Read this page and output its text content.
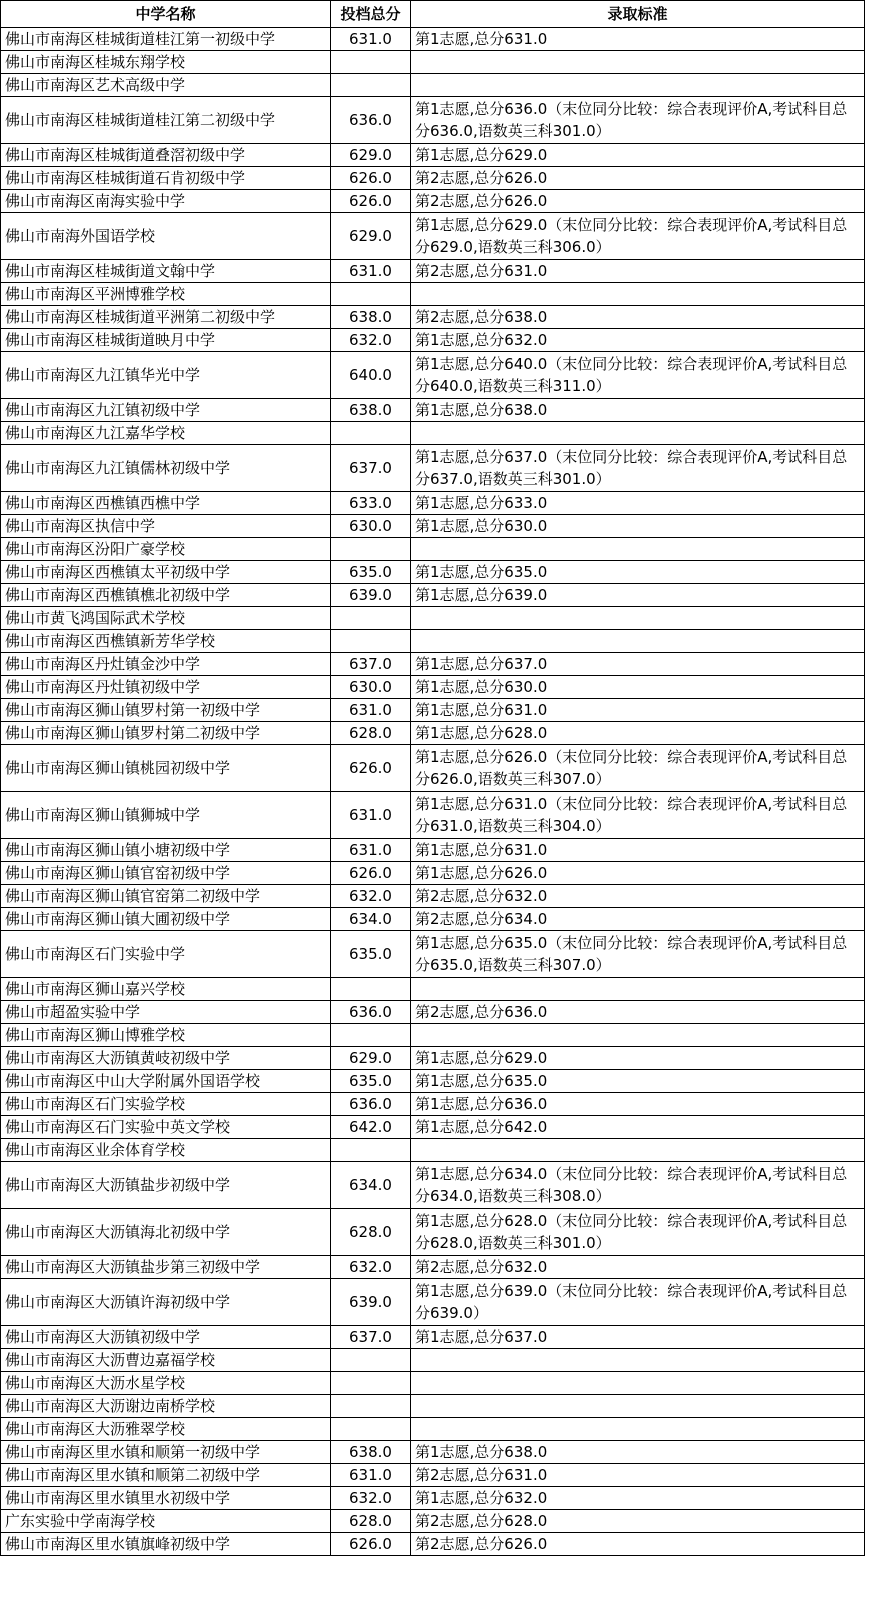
中学名称	投档总分	录取标准
佛山市南海区桂城街道桂江第一初级中学	631.0	第1志愿,总分631.0
佛山市南海区桂城东翔学校		
佛山市南海区艺术高级中学		
佛山市南海区桂城街道桂江第二初级中学	636.0	第1志愿,总分636.0（末位同分比较：综合表现评价A,考试科目总分636.0,语数英三科301.0）
佛山市南海区桂城街道叠滘初级中学	629.0	第1志愿,总分629.0
佛山市南海区桂城街道石肯初级中学	626.0	第2志愿,总分626.0
佛山市南海区南海实验中学	626.0	第2志愿,总分626.0
佛山市南海外国语学校	629.0	第1志愿,总分629.0（末位同分比较：综合表现评价A,考试科目总分629.0,语数英三科306.0）
佛山市南海区桂城街道文翰中学	631.0	第2志愿,总分631.0
佛山市南海区平洲博雅学校		
佛山市南海区桂城街道平洲第二初级中学	638.0	第2志愿,总分638.0
佛山市南海区桂城街道映月中学	632.0	第1志愿,总分632.0
佛山市南海区九江镇华光中学	640.0	第1志愿,总分640.0（末位同分比较：综合表现评价A,考试科目总分640.0,语数英三科311.0）
佛山市南海区九江镇初级中学	638.0	第1志愿,总分638.0
佛山市南海区九江嘉华学校		
佛山市南海区九江镇儒林初级中学	637.0	第1志愿,总分637.0（末位同分比较：综合表现评价A,考试科目总分637.0,语数英三科301.0）
佛山市南海区西樵镇西樵中学	633.0	第1志愿,总分633.0
佛山市南海区执信中学	630.0	第1志愿,总分630.0
佛山市南海区汾阳广豪学校		
佛山市南海区西樵镇太平初级中学	635.0	第1志愿,总分635.0
佛山市南海区西樵镇樵北初级中学	639.0	第1志愿,总分639.0
佛山市黄飞鸿国际武术学校		
佛山市南海区西樵镇新芳华学校		
佛山市南海区丹灶镇金沙中学	637.0	第1志愿,总分637.0
佛山市南海区丹灶镇初级中学	630.0	第1志愿,总分630.0
佛山市南海区狮山镇罗村第一初级中学	631.0	第1志愿,总分631.0
佛山市南海区狮山镇罗村第二初级中学	628.0	第1志愿,总分628.0
佛山市南海区狮山镇桃园初级中学	626.0	第1志愿,总分626.0（末位同分比较：综合表现评价A,考试科目总分626.0,语数英三科307.0）
佛山市南海区狮山镇狮城中学	631.0	第1志愿,总分631.0（末位同分比较：综合表现评价A,考试科目总分631.0,语数英三科304.0）
佛山市南海区狮山镇小塘初级中学	631.0	第1志愿,总分631.0
佛山市南海区狮山镇官窑初级中学	626.0	第1志愿,总分626.0
佛山市南海区狮山镇官窑第二初级中学	632.0	第2志愿,总分632.0
佛山市南海区狮山镇大圃初级中学	634.0	第2志愿,总分634.0
佛山市南海区石门实验中学	635.0	第1志愿,总分635.0（末位同分比较：综合表现评价A,考试科目总分635.0,语数英三科307.0）
佛山市南海区狮山嘉兴学校		
佛山市超盈实验中学	636.0	第2志愿,总分636.0
佛山市南海区狮山博雅学校		
佛山市南海区大沥镇黄岐初级中学	629.0	第1志愿,总分629.0
佛山市南海区中山大学附属外国语学校	635.0	第1志愿,总分635.0
佛山市南海区石门实验学校	636.0	第1志愿,总分636.0
佛山市南海区石门实验中英文学校	642.0	第1志愿,总分642.0
佛山市南海区业余体育学校		
佛山市南海区大沥镇盐步初级中学	634.0	第1志愿,总分634.0（末位同分比较：综合表现评价A,考试科目总分634.0,语数英三科308.0）
佛山市南海区大沥镇海北初级中学	628.0	第1志愿,总分628.0（末位同分比较：综合表现评价A,考试科目总分628.0,语数英三科301.0）
佛山市南海区大沥镇盐步第三初级中学	632.0	第2志愿,总分632.0
佛山市南海区大沥镇许海初级中学	639.0	第1志愿,总分639.0（末位同分比较：综合表现评价A,考试科目总分639.0）
佛山市南海区大沥镇初级中学	637.0	第1志愿,总分637.0
佛山市南海区大沥曹边嘉福学校		
佛山市南海区大沥水星学校		
佛山市南海区大沥谢边南桥学校		
佛山市南海区大沥雅翠学校		
佛山市南海区里水镇和顺第一初级中学	638.0	第1志愿,总分638.0
佛山市南海区里水镇和顺第二初级中学	631.0	第2志愿,总分631.0
佛山市南海区里水镇里水初级中学	632.0	第1志愿,总分632.0
广东实验中学南海学校	628.0	第2志愿,总分628.0
佛山市南海区里水镇旗峰初级中学	626.0	第2志愿,总分626.0
